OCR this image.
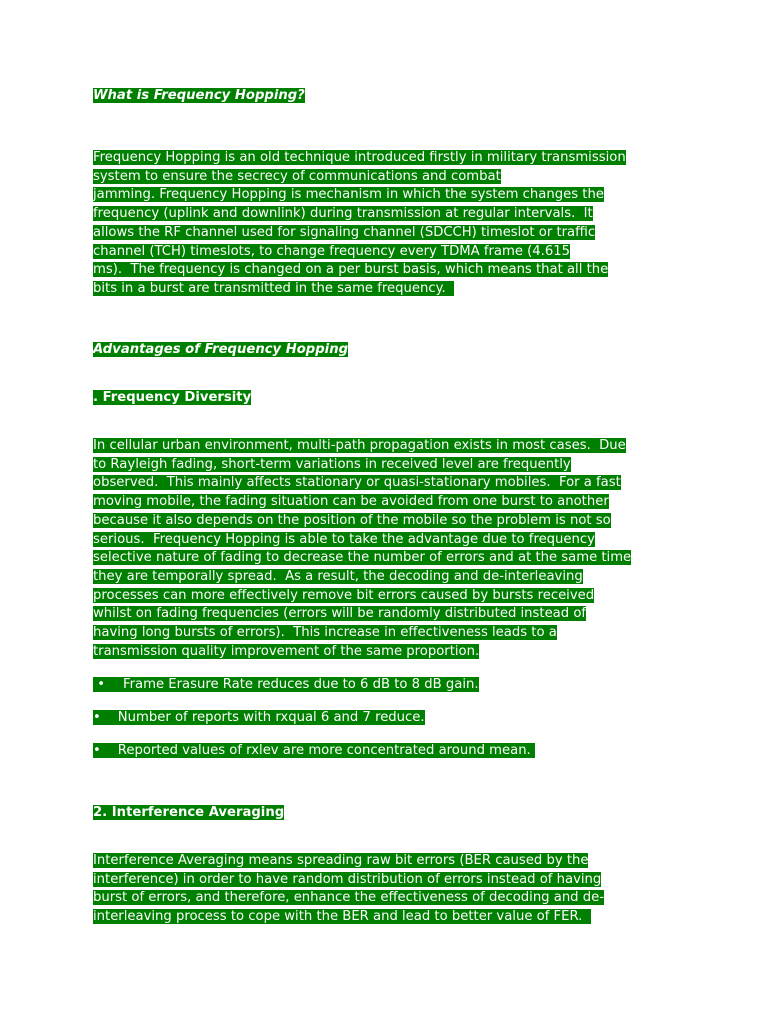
What is Frequency Hopping?
Frequency Hopping is an old technique introduced firstly in military transmission
system to ensure the secrecy of communications and combat
jamming. Frequency Hopping is mechanism in which the system changes the
frequency (uplink and downlink) during transmission at regular intervals.  It
allows the RF channel used for signaling channel (SDCCH) timeslot or traffic
channel (TCH) timeslots, to change frequency every TDMA frame (4.615
ms).  The frequency is changed on a per burst basis, which means that all the
bits in a burst are transmitted in the same frequency.
Advantages of Frequency Hopping
. Frequency Diversity
In cellular urban environment, multi-path propagation exists in most cases.  Due
to Rayleigh fading, short-term variations in received level are frequently
observed.  This mainly affects stationary or quasi-stationary mobiles.  For a fast
moving mobile, the fading situation can be avoided from one burst to another
because it also depends on the position of the mobile so the problem is not so
serious.  Frequency Hopping is able to take the advantage due to frequency
selective nature of fading to decrease the number of errors and at the same time
they are temporally spread.  As a result, the decoding and de-interleaving
processes can more effectively remove bit errors caused by bursts received
whilst on fading frequencies (errors will be randomly distributed instead of
having long bursts of errors).  This increase in effectiveness leads to a
transmission quality improvement of the same proportion.
• Frame Erasure Rate reduces due to 6 dB to 8 dB gain.
• Number of reports with rxqual 6 and 7 reduce.
• Reported values of rxlev are more concentrated around mean.
2. Interference Averaging
Interference Averaging means spreading raw bit errors (BER caused by the
interference) in order to have random distribution of errors instead of having
burst of errors, and therefore, enhance the effectiveness of decoding and de-
interleaving process to cope with the BER and lead to better value of FER.
